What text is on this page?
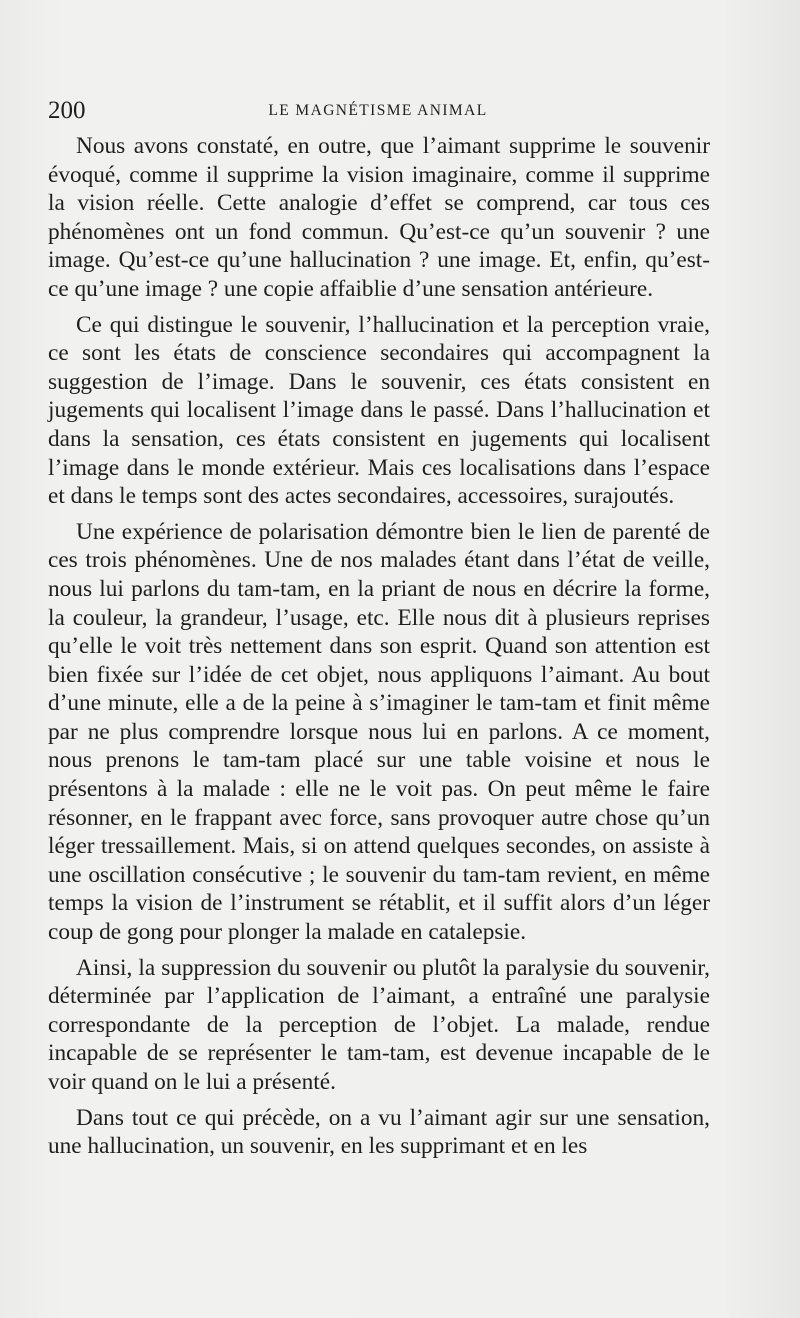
200	LE MAGNÉTISME ANIMAL

Nous avons constaté, en outre, que l’aimant supprime le souvenir évoqué, comme il supprime la vision imaginaire, comme il supprime la vision réelle. Cette analogie d’effet se comprend, car tous ces phénomènes ont un fond commun. Qu’est-ce qu’un souvenir ? une image. Qu’est-ce qu’une hallucination ? une image. Et, enfin, qu’est-ce qu’une image ? une copie affaiblie d’une sensation antérieure.

Ce qui distingue le souvenir, l’hallucination et la perception vraie, ce sont les états de conscience secondaires qui accompagnent la suggestion de l’image. Dans le souvenir, ces états consistent en jugements qui localisent l’image dans le passé. Dans l’hallucination et dans la sensation, ces états consistent en jugements qui localisent l’image dans le monde extérieur. Mais ces localisations dans l’espace et dans le temps sont des actes secondaires, accessoires, surajoutés.

Une expérience de polarisation démontre bien le lien de parenté de ces trois phénomènes. Une de nos malades étant dans l’état de veille, nous lui parlons du tam-tam, en la priant de nous en décrire la forme, la couleur, la grandeur, l’usage, etc. Elle nous dit à plusieurs reprises qu’elle le voit très nettement dans son esprit. Quand son attention est bien fixée sur l’idée de cet objet, nous appliquons l’aimant. Au bout d’une minute, elle a de la peine à s’imaginer le tam-tam et finit même par ne plus comprendre lorsque nous lui en parlons. A ce moment, nous prenons le tam-tam placé sur une table voisine et nous le présentons à la malade : elle ne le voit pas. On peut même le faire résonner, en le frappant avec force, sans provoquer autre chose qu’un léger tressaillement. Mais, si on attend quelques secondes, on assiste à une oscillation consécutive ; le souvenir du tam-tam revient, en même temps la vision de l’instrument se rétablit, et il suffit alors d’un léger coup de gong pour plonger la malade en catalepsie.

Ainsi, la suppression du souvenir ou plutôt la paralysie du souvenir, déterminée par l’application de l’aimant, a entraîné une paralysie correspondante de la perception de l’objet. La malade, rendue incapable de se représenter le tam-tam, est devenue incapable de le voir quand on le lui a présenté.

Dans tout ce qui précède, on a vu l’aimant agir sur une sensation, une hallucination, un souvenir, en les supprimant et en les
